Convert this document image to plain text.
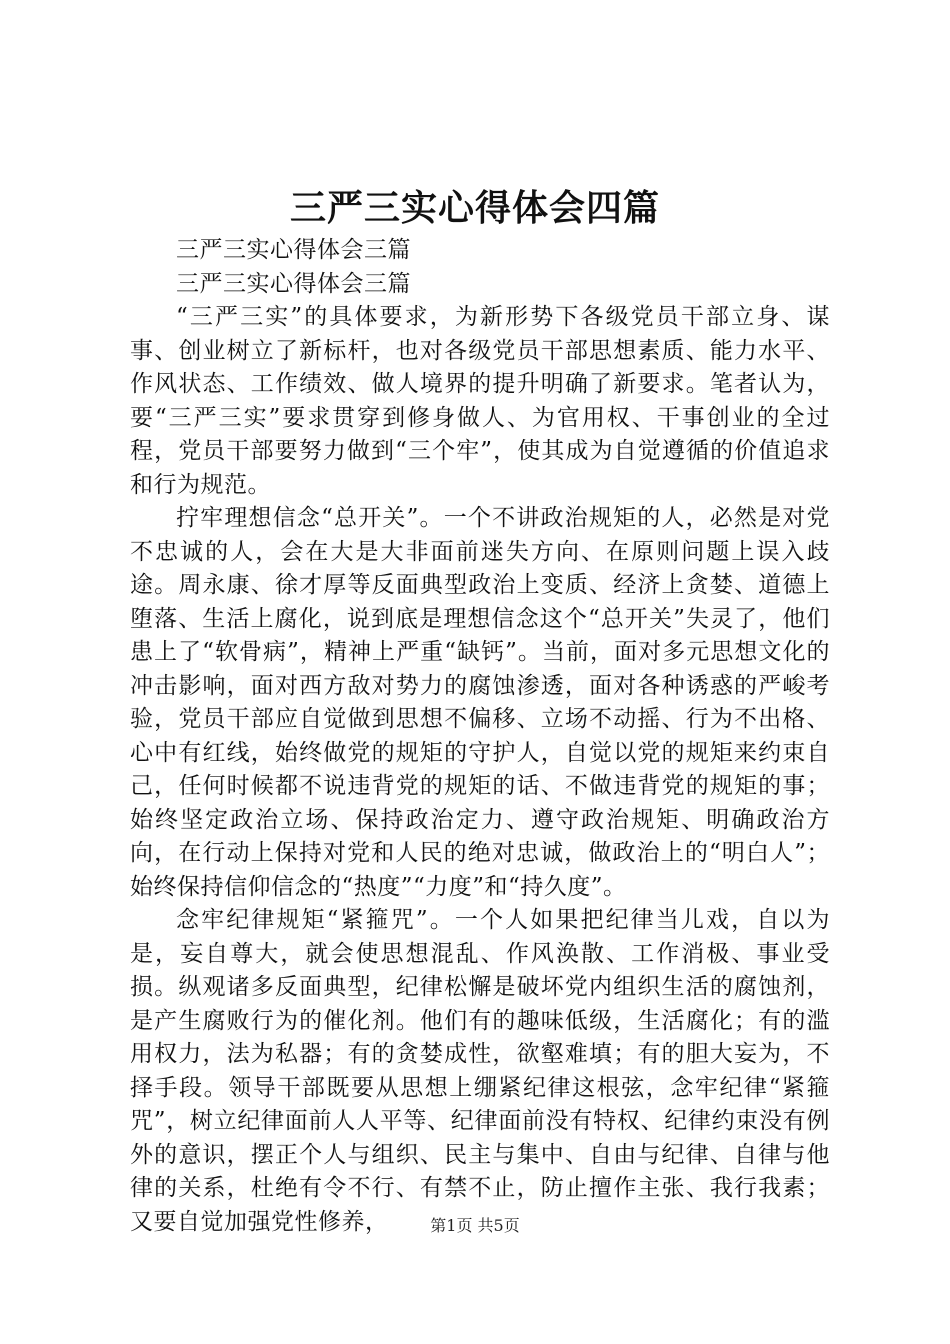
三严三实心得体会四篇

三严三实心得体会三篇

三严三实心得体会三篇

“三严三实”的具体要求，为新形势下各级党员干部立身、谋事、创业树立了新标杆，也对各级党员干部思想素质、能力水平、作风状态、工作绩效、做人境界的提升明确了新要求。笔者认为，要“三严三实”要求贯穿到修身做人、为官用权、干事创业的全过程，党员干部要努力做到“三个牢”，使其成为自觉遵循的价值追求和行为规范。

拧牢理想信念“总开关”。一个不讲政治规矩的人，必然是对党不忠诚的人，会在大是大非面前迷失方向、在原则问题上误入歧途。周永康、徐才厚等反面典型政治上变质、经济上贪婪、道德上堕落、生活上腐化，说到底是理想信念这个“总开关”失灵了，他们患上了“软骨病”，精神上严重“缺钙”。当前，面对多元思想文化的冲击影响，面对西方敌对势力的腐蚀渗透，面对各种诱惑的严峻考验，党员干部应自觉做到思想不偏移、立场不动摇、行为不出格、心中有红线，始终做党的规矩的守护人，自觉以党的规矩来约束自己，任何时候都不说违背党的规矩的话、不做违背党的规矩的事；始终坚定政治立场、保持政治定力、遵守政治规矩、明确政治方向，在行动上保持对党和人民的绝对忠诚，做政治上的“明白人”；始终保持信仰信念的“热度”“力度”和“持久度”。

念牢纪律规矩“紧箍咒”。一个人如果把纪律当儿戏，自以为是，妄自尊大，就会使思想混乱、作风涣散、工作消极、事业受损。纵观诸多反面典型，纪律松懈是破坏党内组织生活的腐蚀剂，是产生腐败行为的催化剂。他们有的趣味低级，生活腐化；有的滥用权力，法为私器；有的贪婪成性，欲壑难填；有的胆大妄为，不择手段。领导干部既要从思想上绷紧纪律这根弦，念牢纪律“紧箍咒”，树立纪律面前人人平等、纪律面前没有特权、纪律约束没有例外的意识，摆正个人与组织、民主与集中、自由与纪律、自律与他律的关系，杜绝有令不行、有禁不止，防止擅作主张、我行我素；又要自觉加强党性修养，	第1页 共5页
